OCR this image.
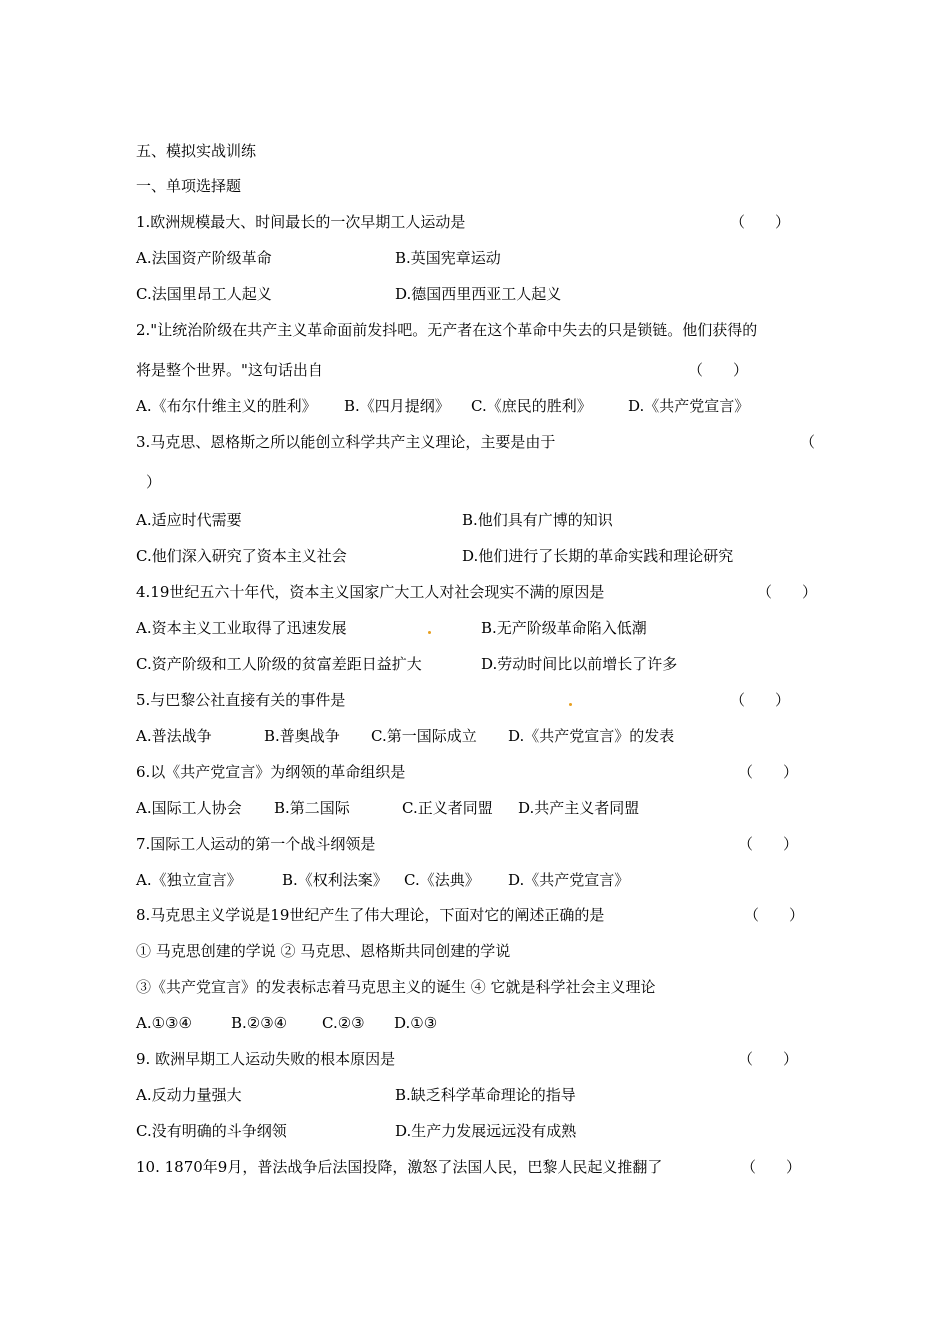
五、模拟实战训练
一、单项选择题
1.欧洲规模最大、时间最长的一次早期工人运动是	（　　）
A.法国资产阶级革命	B.英国宪章运动
C.法国里昂工人起义	D.德国西里西亚工人起义
2."让统治阶级在共产主义革命面前发抖吧。无产者在这个革命中失去的只是锁链。他们获得的
将是整个世界。"这句话出自	（　　）
A.《布尔什维主义的胜利》 B.《四月提纲》 C.《庶民的胜利》 D.《共产党宣言》
3.马克思、恩格斯之所以能创立科学共产主义理论，主要是由于	（
）
A.适应时代需要	B.他们具有广博的知识
C.他们深入研究了资本主义社会	D.他们进行了长期的革命实践和理论研究
4.19世纪五六十年代，资本主义国家广大工人对社会现实不满的原因是	（　　）
A.资本主义工业取得了迅速发展	B.无产阶级革命陷入低潮
C.资产阶级和工人阶级的贫富差距日益扩大	D.劳动时间比以前增长了许多
5.与巴黎公社直接有关的事件是	（　　）
A.普法战争	B.普奥战争 C.第一国际成立 D.《共产党宣言》的发表
6.以《共产党宣言》为纲领的革命组织是	（　　）
A.国际工人协会 B.第二国际	C.正义者同盟 D.共产主义者同盟
7.国际工人运动的第一个战斗纲领是	（　　）
A.《独立宣言》	B.《权利法案》 C.《法典》 D.《共产党宣言》
8.马克思主义学说是19世纪产生了伟大理论，下面对它的阐述正确的是	（　　）
① 马克思创建的学说 ② 马克思、恩格斯共同创建的学说
③《共产党宣言》的发表标志着马克思主义的诞生 ④ 它就是科学社会主义理论
A.①③④	B.②③④ C.②③ D.①③
9. 欧洲早期工人运动失败的根本原因是	（　　）
A.反动力量强大	B.缺乏科学革命理论的指导
C.没有明确的斗争纲领	D.生产力发展远远没有成熟
10. 1870年9月，普法战争后法国投降，激怒了法国人民，巴黎人民起义推翻了	（　　）
